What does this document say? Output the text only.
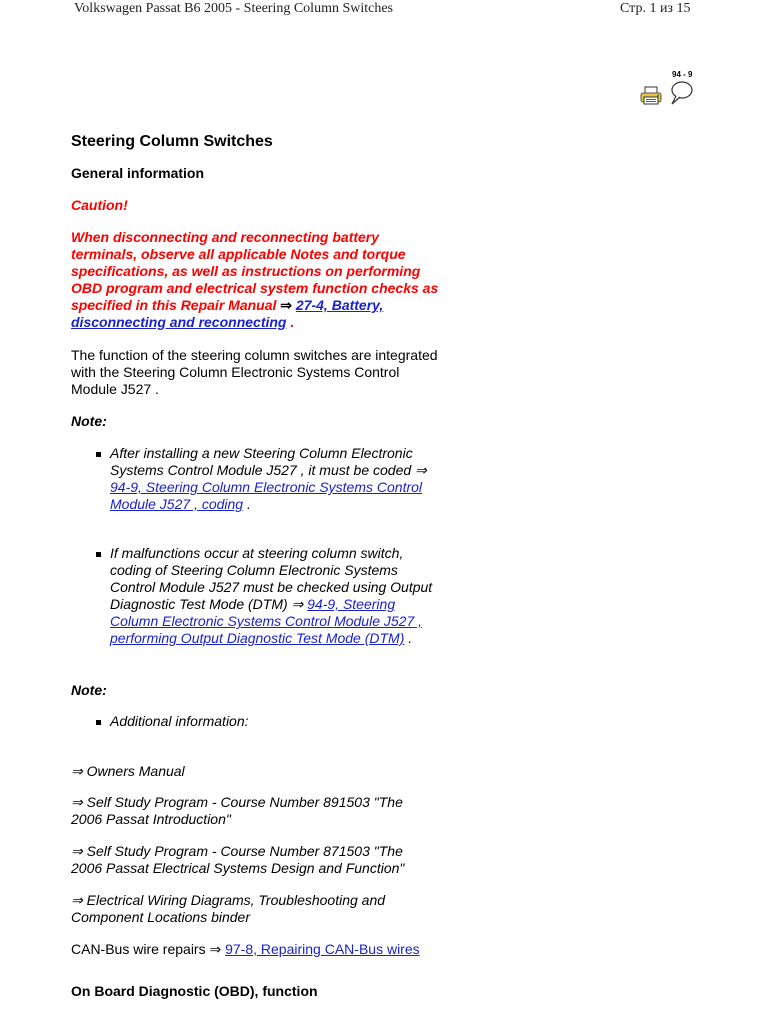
Volkswagen Passat B6 2005 - Steering Column Switches	Стр. 1 из 15
94 - 9
Steering Column Switches
General information
Caution!
When disconnecting and reconnecting battery
terminals, observe all applicable Notes and torque
specifications, as well as instructions on performing
OBD program and electrical system function checks as
specified in this Repair Manual ⇒ 27-4, Battery,
disconnecting and reconnecting .
The function of the steering column switches are integrated
with the Steering Column Electronic Systems Control
Module J527 .
Note:
After installing a new Steering Column Electronic
Systems Control Module J527 , it must be coded ⇒
94-9, Steering Column Electronic Systems Control
Module J527 , coding .
If malfunctions occur at steering column switch,
coding of Steering Column Electronic Systems
Control Module J527 must be checked using Output
Diagnostic Test Mode (DTM) ⇒ 94-9, Steering
Column Electronic Systems Control Module J527 ,
performing Output Diagnostic Test Mode (DTM) .
Note:
Additional information:
⇒ Owners Manual
⇒ Self Study Program - Course Number 891503 "The
2006 Passat Introduction"
⇒ Self Study Program - Course Number 871503 "The
2006 Passat Electrical Systems Design and Function"
⇒ Electrical Wiring Diagrams, Troubleshooting and
Component Locations binder
CAN-Bus wire repairs ⇒ 97-8, Repairing CAN-Bus wires
On Board Diagnostic (OBD), function
